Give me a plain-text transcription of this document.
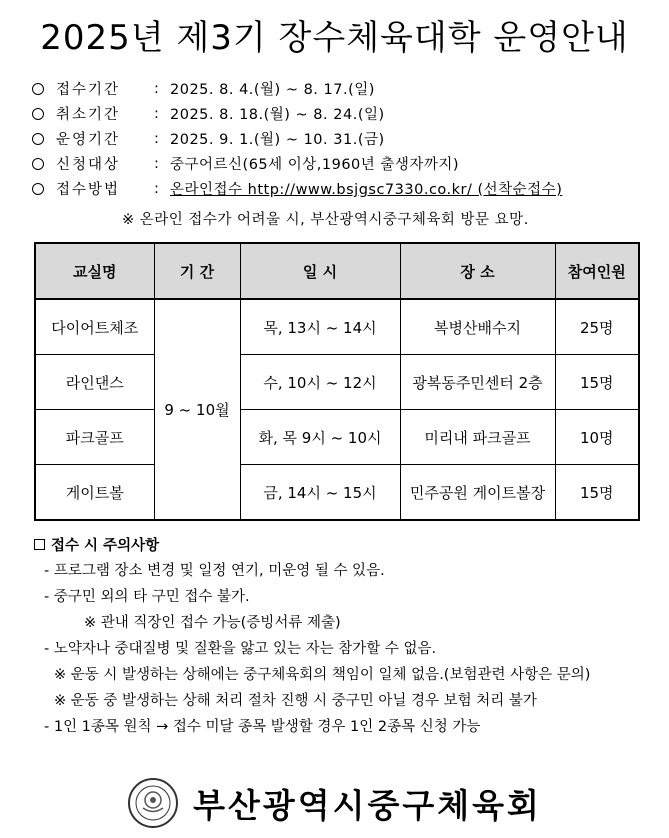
2025년 제3기 장수체육대학 운영안내
접수기간	: 2025. 8. 4.(월) ~ 8. 17.(일)
취소기간	: 2025. 8. 18.(월) ~ 8. 24.(일)
운영기간	: 2025. 9. 1.(월) ~ 10. 31.(금)
신청대상	: 중구어르신(65세 이상,1960년 출생자까지)
접수방법	: 온라인접수 http://www.bsjgsc7330.co.kr/ (선착순접수)
※ 온라인 접수가 어려울 시, 부산광역시중구체육회 방문 요망.
교실명	기 간	일 시	장 소	참여인원
다이어트체조	9 ~ 10월	목, 13시 ~ 14시	복병산배수지	25명
라인댄스		수, 10시 ~ 12시	광복동주민센터 2층	15명
파크골프		화, 목 9시 ~ 10시	미리내 파크골프	10명
게이트볼		금, 14시 ~ 15시	민주공원 게이트볼장	15명
접수 시 주의사항
- 프로그램 장소 변경 및 일정 연기, 미운영 될 수 있음.
- 중구민 외의 타 구민 접수 불가.
※ 관내 직장인 접수 가능(증빙서류 제출)
- 노약자나 중대질병 및 질환을 앓고 있는 자는 참가할 수 없음.
※ 운동 시 발생하는 상해에는 중구체육회의 책임이 일체 없음.(보험관련 사항은 문의)
※ 운동 중 발생하는 상해 처리 절차 진행 시 중구민 아닐 경우 보험 처리 불가
- 1인 1종목 원칙 → 접수 미달 종목 발생할 경우 1인 2종목 신청 가능
부산광역시중구체육회
